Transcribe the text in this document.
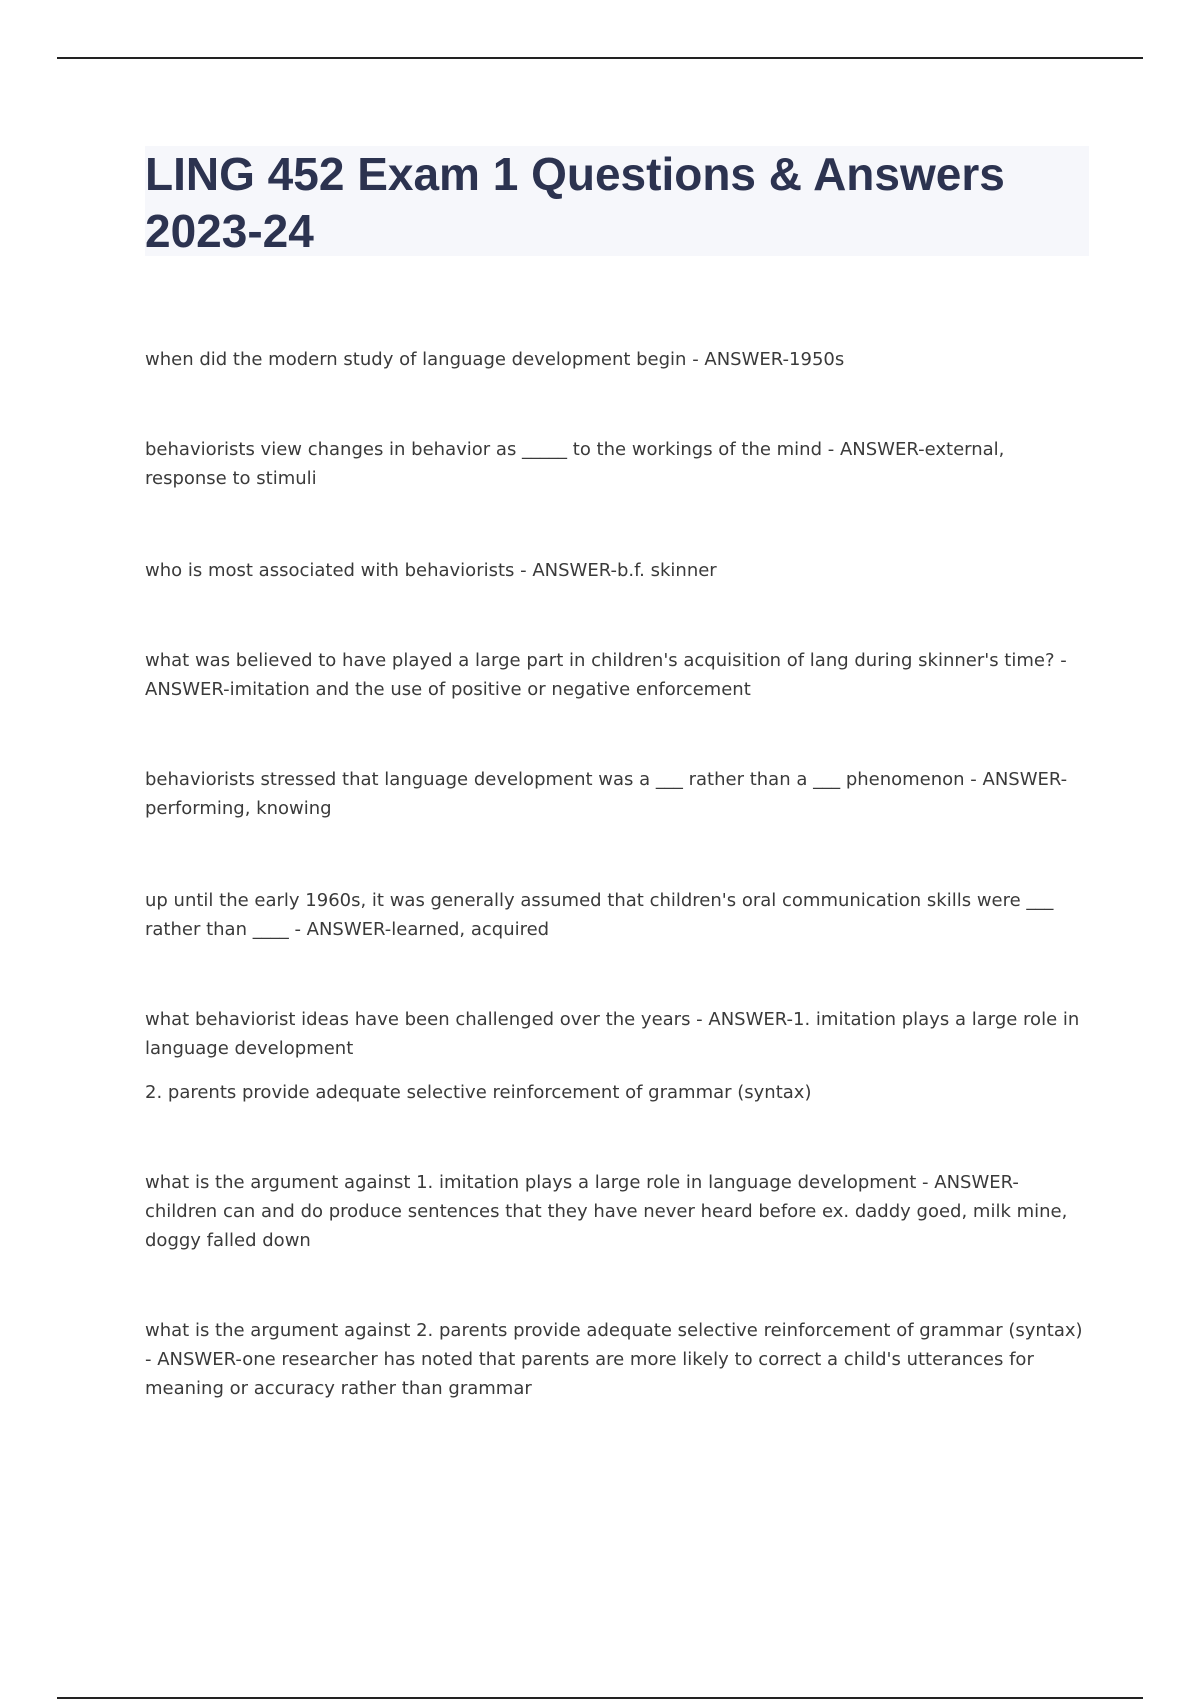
LING 452 Exam 1 Questions & Answers 2023-24

when did the modern study of language development begin - ANSWER-1950s

behaviorists view changes in behavior as _____ to the workings of the mind - ANSWER-external, response to stimuli

who is most associated with behaviorists - ANSWER-b.f. skinner

what was believed to have played a large part in children's acquisition of lang during skinner's time? - ANSWER-imitation and the use of positive or negative enforcement

behaviorists stressed that language development was a ___ rather than a ___ phenomenon - ANSWER-performing, knowing

up until the early 1960s, it was generally assumed that children's oral communication skills were ___ rather than ____ - ANSWER-learned, acquired

what behaviorist ideas have been challenged over the years - ANSWER-1. imitation plays a large role in language development

2. parents provide adequate selective reinforcement of grammar (syntax)

what is the argument against 1. imitation plays a large role in language development - ANSWER-children can and do produce sentences that they have never heard before ex. daddy goed, milk mine, doggy falled down

what is the argument against 2. parents provide adequate selective reinforcement of grammar (syntax) - ANSWER-one researcher has noted that parents are more likely to correct a child's utterances for meaning or accuracy rather than grammar
